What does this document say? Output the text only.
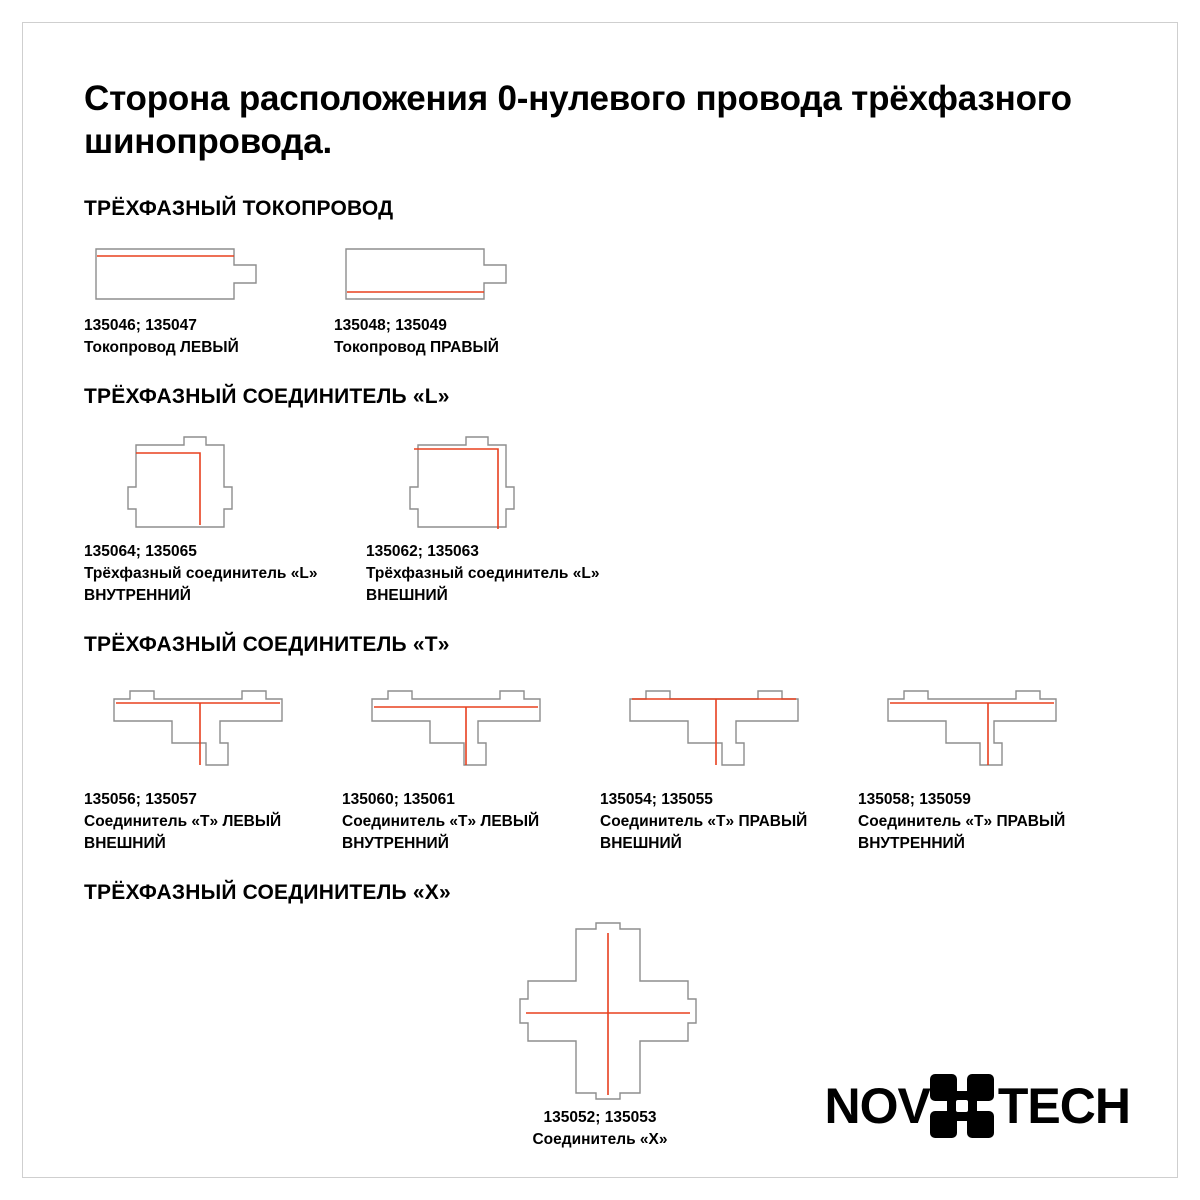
Сторона расположения 0-нулевого провода трёхфазного шинопровода.
ТРЁХФАЗНЫЙ ТОКОПРОВОД
135046; 135047
Токопровод ЛЕВЫЙ
135048; 135049
Токопровод ПРАВЫЙ
ТРЁХФАЗНЫЙ СОЕДИНИТЕЛЬ «L»
135064; 135065
Трёхфазный соединитель «L» ВНУТРЕННИЙ
135062; 135063
Трёхфазный соединитель «L» ВНЕШНИЙ
ТРЁХФАЗНЫЙ СОЕДИНИТЕЛЬ «Т»
135056; 135057
Соединитель «Т» ЛЕВЫЙ ВНЕШНИЙ
135060; 135061
Соединитель «Т» ЛЕВЫЙ ВНУТРЕННИЙ
135054; 135055
Соединитель «Т» ПРАВЫЙ ВНЕШНИЙ
135058; 135059
Соединитель «Т» ПРАВЫЙ ВНУТРЕННИЙ
ТРЁХФАЗНЫЙ СОЕДИНИТЕЛЬ «X»
135052; 135053
Соединитель «X»
NOV TECH
